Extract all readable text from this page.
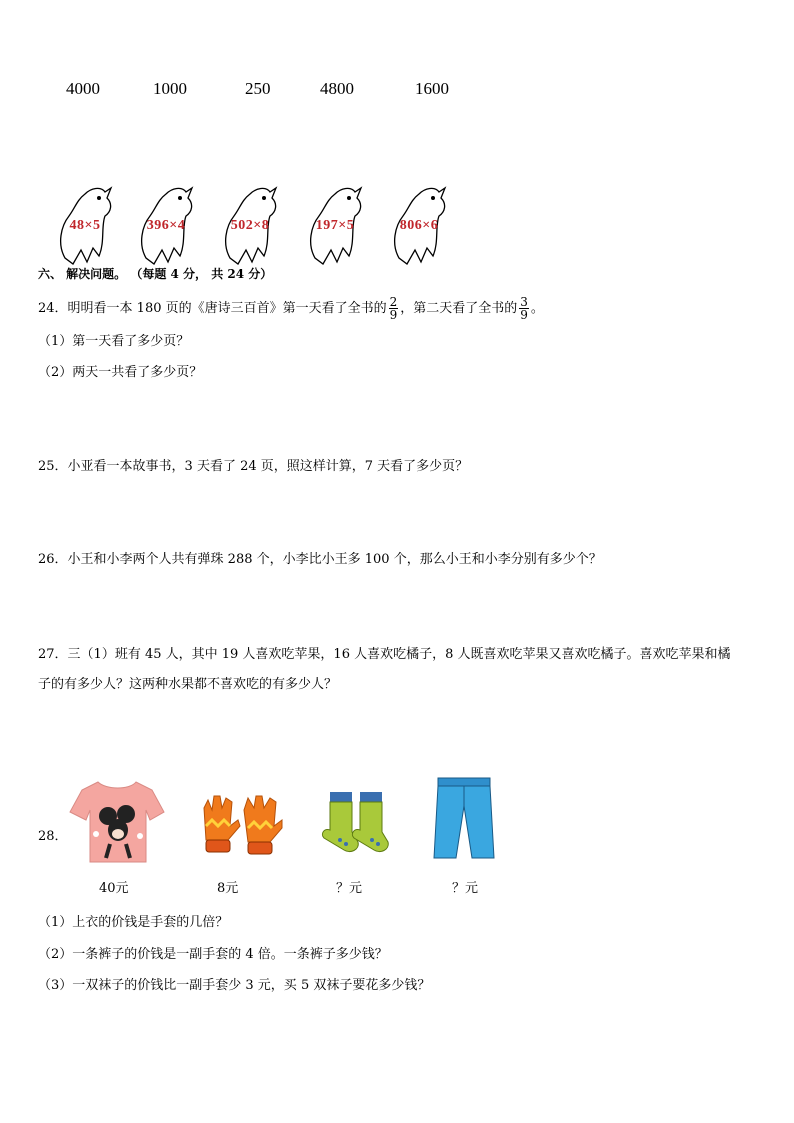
4000	1000	250	4800	1600
48×5	396×4	502×8	197×5	806×6
六、 解决问题。 （每题 4 分， 共 24 分）
24．明明看一本 180 页的《唐诗三百首》第一天看了全书的 $\frac{2}{9}$ ，第二天看了全书的 $\frac{3}{9}$ 。
（1）第一天看了多少页？
（2）两天一共看了多少页？
25．小亚看一本故事书，3 天看了 24 页，照这样计算，7 天看了多少页？
26．小王和小李两个人共有弹珠 288 个，小李比小王多 100 个，那么小王和小李分别有多少个？
27．三（1）班有 45 人，其中 19 人喜欢吃苹果，16 人喜欢吃橘子，8 人既喜欢吃苹果又喜欢吃橘子。喜欢吃苹果和橘
子的有多少人？这两种水果都不喜欢吃的有多少人？
28．
40元	8元	？元	？元
（1）上衣的价钱是手套的几倍？
（2）一条裤子的价钱是一副手套的 4 倍。一条裤子多少钱？
（3）一双袜子的价钱比一副手套少 3 元，买 5 双袜子要花多少钱？
